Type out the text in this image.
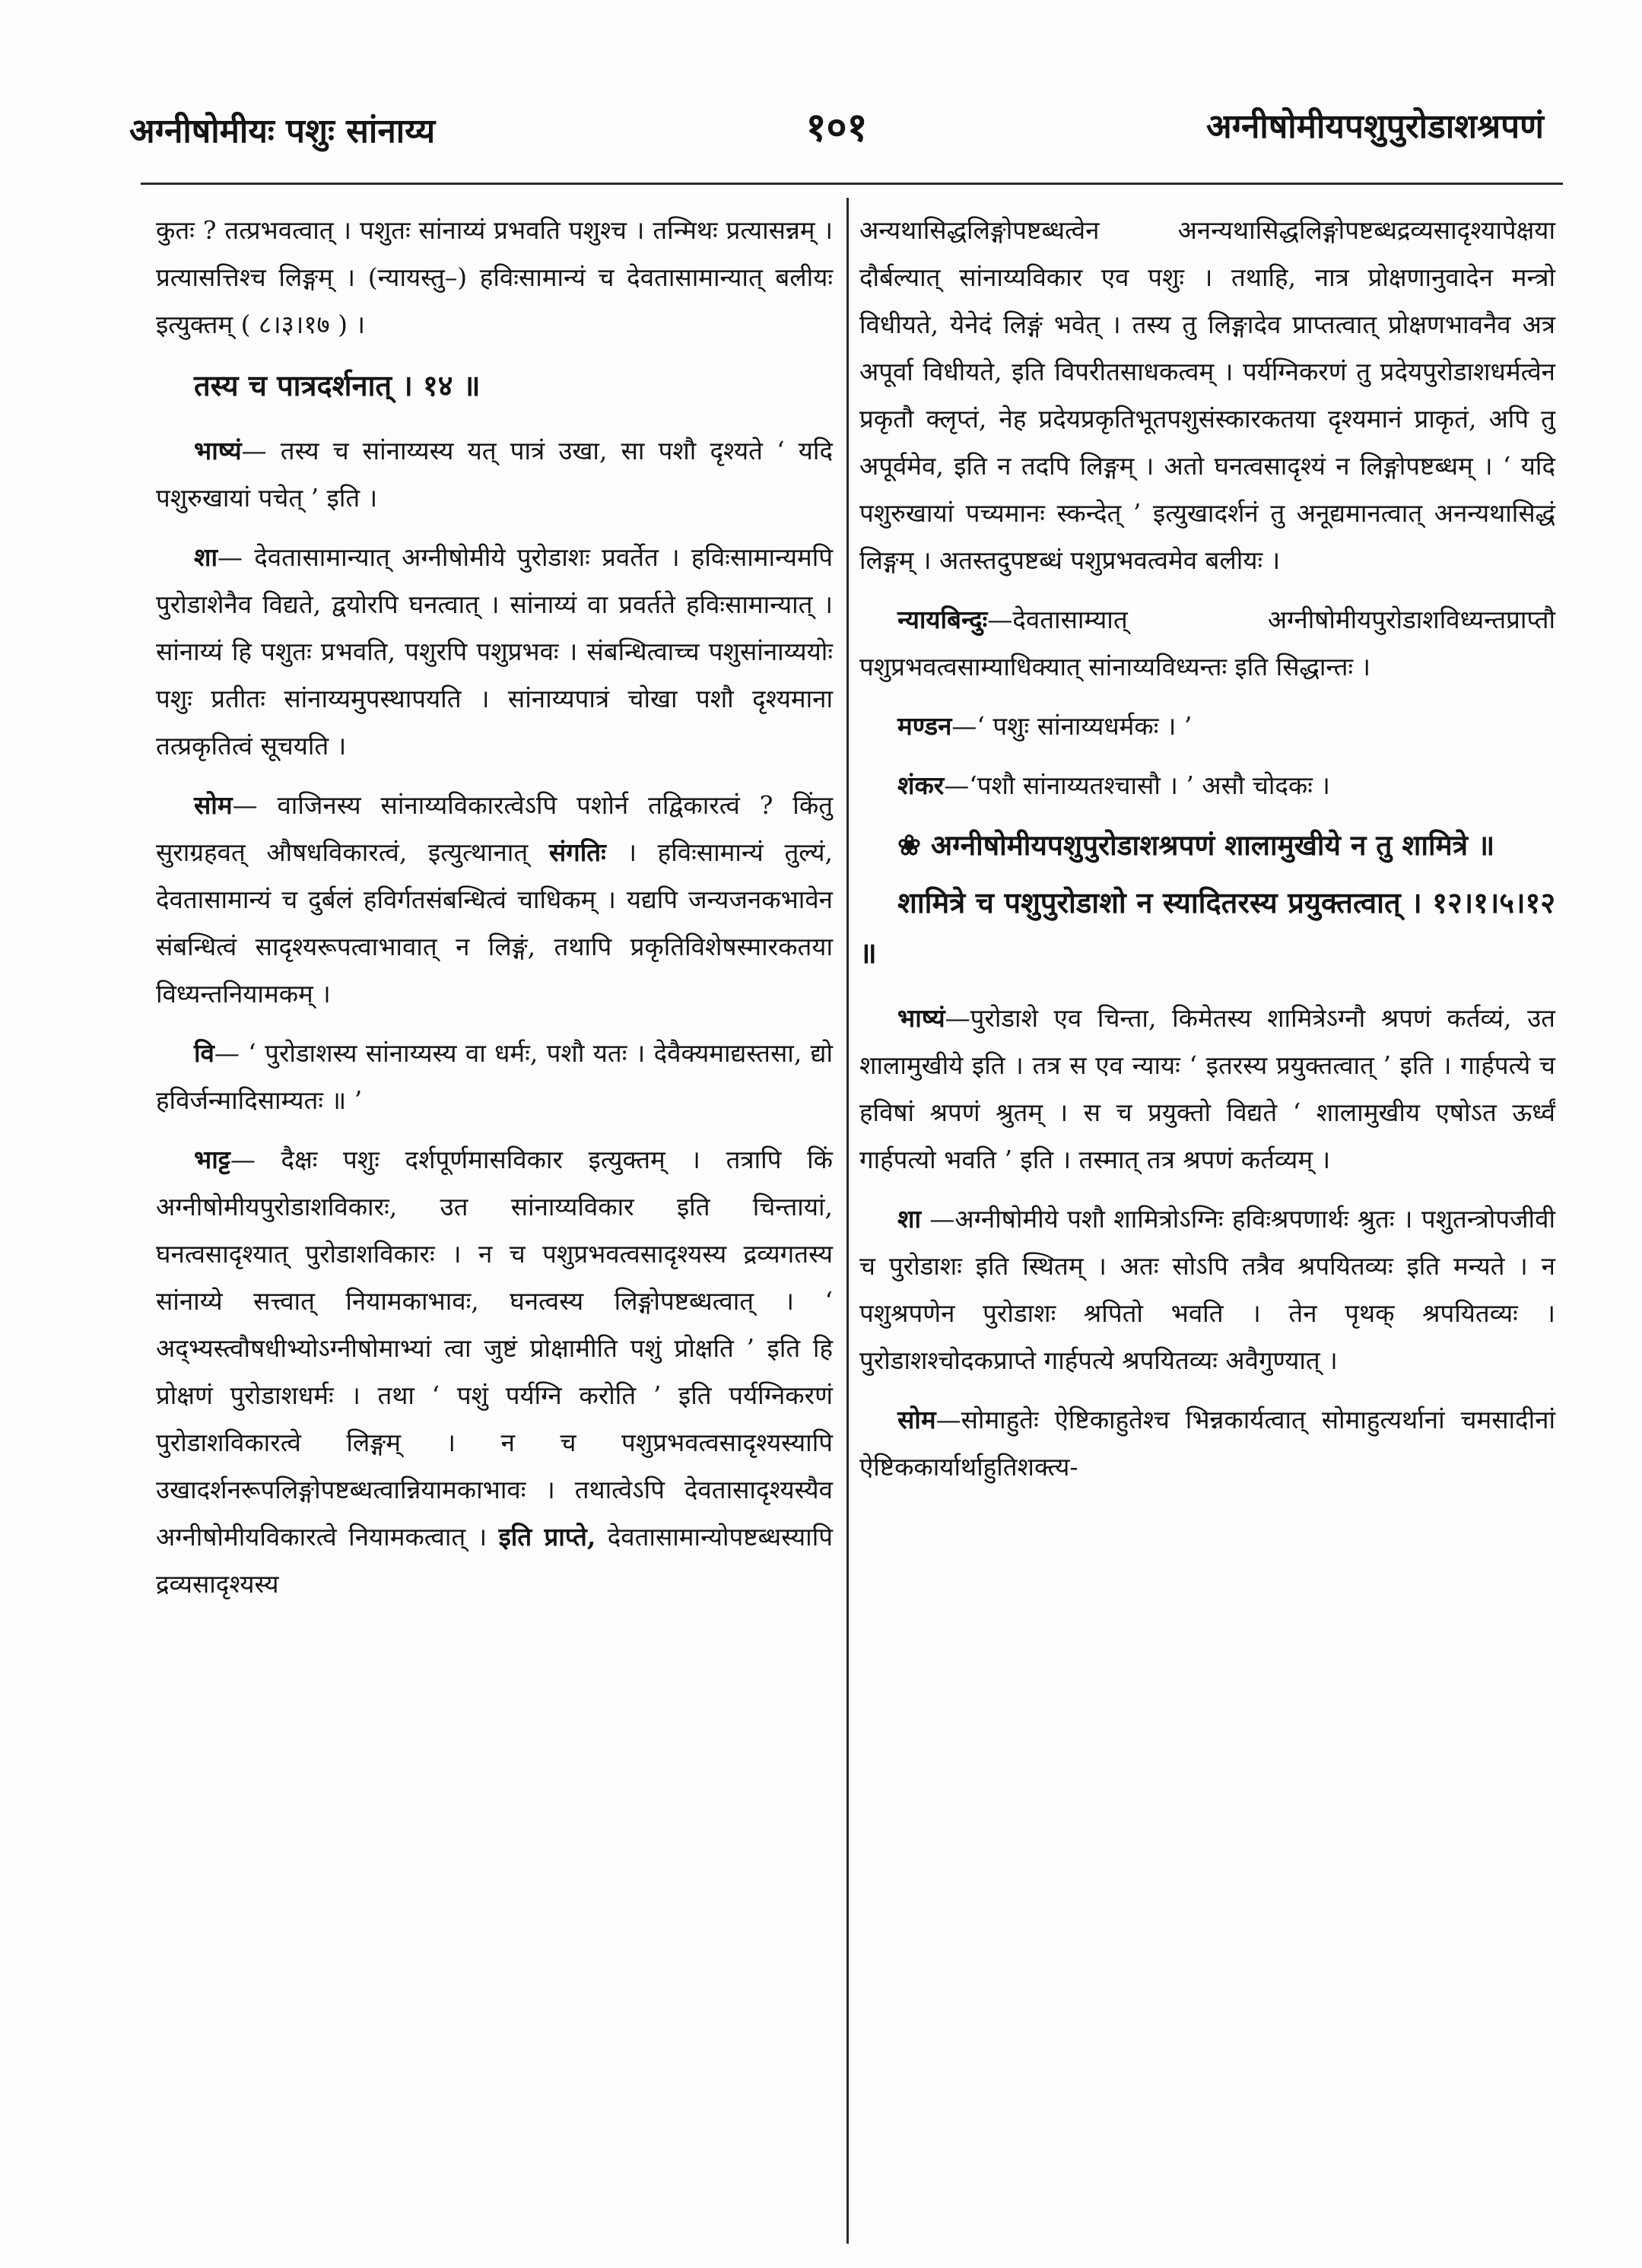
अग्नीषोमीयः पशुः सांनाय्य	१०१	अग्नीषोमीयपशुपुरोडाशश्रपणं

कुतः ? तत्प्रभवत्वात् । पशुतः सांनाय्यं प्रभवति पशुश्च । तन्मिथः प्रत्यासन्नम् । प्रत्यासत्तिश्च लिङ्गम् । (न्यायस्तु–) हविःसामान्यं च देवतासामान्यात् बलीयः इत्युक्तम् ( ८।३।१७ ) ।

तस्य च पात्रदर्शनात् । १४ ॥

भाष्यं— तस्य च सांनाय्यस्य यत् पात्रं उखा, सा पशौ दृश्यते ‘ यदि पशुरुखायां पचेत् ’ इति ।

शा— देवतासामान्यात् अग्नीषोमीये पुरोडाशः प्रवर्तेत । हविःसामान्यमपि पुरोडाशेनैव विद्यते, द्वयोरपि घनत्वात् । सांनाय्यं वा प्रवर्तते हविःसामान्यात् । सांनाय्यं हि पशुतः प्रभवति, पशुरपि पशुप्रभवः । संबन्धित्वाच्च पशुसांनाय्ययोः पशुः प्रतीतः सांनाय्यमुपस्थापयति । सांनाय्यपात्रं चोखा पशौ दृश्यमाना तत्प्रकृतित्वं सूचयति ।

सोम— वाजिनस्य सांनाय्यविकारत्वेऽपि पशोर्न तद्विकारत्वं ? किंतु सुराग्रहवत् औषधविकारत्वं, इत्युत्थानात् संगतिः । हविःसामान्यं तुल्यं, देवतासामान्यं च दुर्बलं हविर्गतसंबन्धित्वं चाधिकम् । यद्यपि जन्यजनकभावेन संबन्धित्वं सादृश्यरूपत्वाभावात् न लिङ्गं, तथापि प्रकृतिविशेषस्मारकतया विध्यन्तनियामकम् ।

वि— ‘ पुरोडाशस्य सांनाय्यस्य वा धर्मः, पशौ यतः । देवैक्यमाद्यस्तसा, द्यो हविर्जन्मादिसाम्यतः ॥ ’

भाट्ट— दैक्षः पशुः दर्शपूर्णमासविकार इत्युक्तम् । तत्रापि किं अग्नीषोमीयपुरोडाशविकारः, उत सांनाय्यविकार इति चिन्तायां, घनत्वसादृश्यात् पुरोडाशविकारः । न च पशुप्रभवत्वसादृश्यस्य द्रव्यगतस्य सांनाय्ये सत्त्वात् नियामकाभावः, घनत्वस्य लिङ्गोपष्टब्धत्वात् । ‘ अद्भ्यस्त्वौषधीभ्योऽग्नीषोमाभ्यां त्वा जुष्टं प्रोक्षामीति पशुं प्रोक्षति ’ इति हि प्रोक्षणं पुरोडाशधर्मः । तथा ‘ पशुं पर्यग्नि करोति ’ इति पर्यग्निकरणं पुरोडाशविकारत्वे लिङ्गम् । न च पशुप्रभवत्वसादृश्यस्यापि उखादर्शनरूपलिङ्गोपष्टब्धत्वान्नियामकाभावः । तथात्वेऽपि देवतासादृश्यस्यैव अग्नीषोमीयविकारत्वे नियामकत्वात् । इति प्राप्ते, देवतासामान्योपष्टब्धस्यापि द्रव्यसादृश्यस्य

अन्यथासिद्धलिङ्गोपष्टब्धत्वेन अनन्यथासिद्धलिङ्गोपष्टब्धद्रव्यसादृश्यापेक्षया दौर्बल्यात् सांनाय्यविकार एव पशुः । तथाहि, नात्र प्रोक्षणानुवादेन मन्त्रो विधीयते, येनेदं लिङ्गं भवेत् । तस्य तु लिङ्गादेव प्राप्तत्वात् प्रोक्षणभावनैव अत्र अपूर्वा विधीयते, इति विपरीतसाधकत्वम् । पर्यग्निकरणं तु प्रदेयपुरोडाशधर्मत्वेन प्रकृतौ क्लृप्तं, नेह प्रदेयप्रकृतिभूतपशुसंस्कारकतया दृश्यमानं प्राकृतं, अपि तु अपूर्वमेव, इति न तदपि लिङ्गम् । अतो घनत्वसादृश्यं न लिङ्गोपष्टब्धम् । ‘ यदि पशुरुखायां पच्यमानः स्कन्देत् ’ इत्युखादर्शनं तु अनूद्यमानत्वात् अनन्यथासिद्धं लिङ्गम् । अतस्तदुपष्टब्धं पशुप्रभवत्वमेव बलीयः ।

न्यायबिन्दुः—देवतासाम्यात् अग्नीषोमीयपुरोडाशविध्यन्तप्राप्तौ पशुप्रभवत्वसाम्याधिक्यात् सांनाय्यविध्यन्तः इति सिद्धान्तः ।

मण्डन—‘ पशुः सांनाय्यधर्मकः । ’

शंकर—‘पशौ सांनाय्यतश्चासौ । ’ असौ चोदकः ।

❀ अग्नीषोमीयपशुपुरोडाशश्रपणं शालामुखीये न तु शामित्रे ॥

शामित्रे च पशुपुरोडाशो न स्यादितरस्य प्रयुक्तत्वात् । १२।१।५।१२ ॥

भाष्यं—पुरोडाशे एव चिन्ता, किमेतस्य शामित्रेऽग्नौ श्रपणं कर्तव्यं, उत शालामुखीये इति । तत्र स एव न्यायः ‘ इतरस्य प्रयुक्तत्वात् ’ इति । गार्हपत्ये च हविषां श्रपणं श्रुतम् । स च प्रयुक्तो विद्यते ‘ शालामुखीय एषोऽत ऊर्ध्वं गार्हपत्यो भवति ’ इति । तस्मात् तत्र श्रपणं कर्तव्यम् ।

शा —अग्नीषोमीये पशौ शामित्रोऽग्निः हविःश्रपणार्थः श्रुतः । पशुतन्त्रोपजीवी च पुरोडाशः इति स्थितम् । अतः सोऽपि तत्रैव श्रपयितव्यः इति मन्यते । न पशुश्रपणेन पुरोडाशः श्रपितो भवति । तेन पृथक् श्रपयितव्यः । पुरोडाशश्चोदकप्राप्ते गार्हपत्ये श्रपयितव्यः अवैगुण्यात् ।

सोम—सोमाहुतेः ऐष्टिकाहुतेश्च भिन्नकार्यत्वात् सोमाहुत्यर्थानां चमसादीनां ऐष्टिककार्यार्थाहुतिशक्त्य-
